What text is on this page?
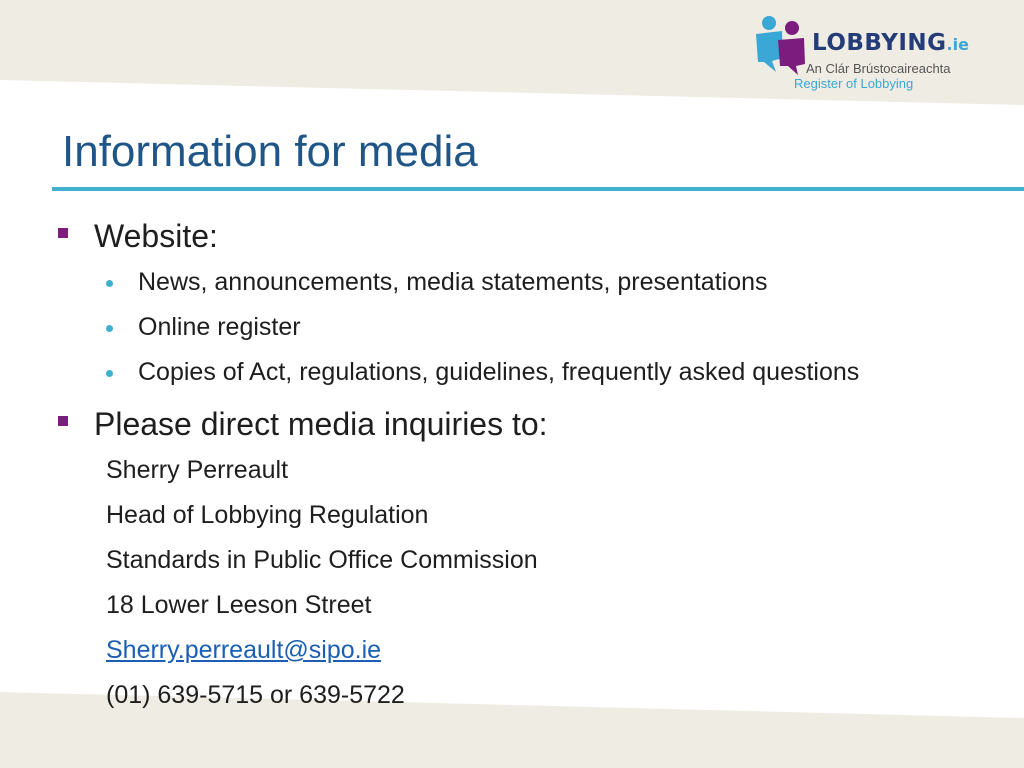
LOBBYING.ie
An Clár Brústocaireachta
Register of Lobbying
Information for media
Website:
News, announcements, media statements, presentations
Online register
Copies of Act, regulations, guidelines, frequently asked questions
Please direct media inquiries to:
Sherry Perreault
Head of Lobbying Regulation
Standards in Public Office Commission
18 Lower Leeson Street
Sherry.perreault@sipo.ie
(01) 639-5715 or 639-5722
